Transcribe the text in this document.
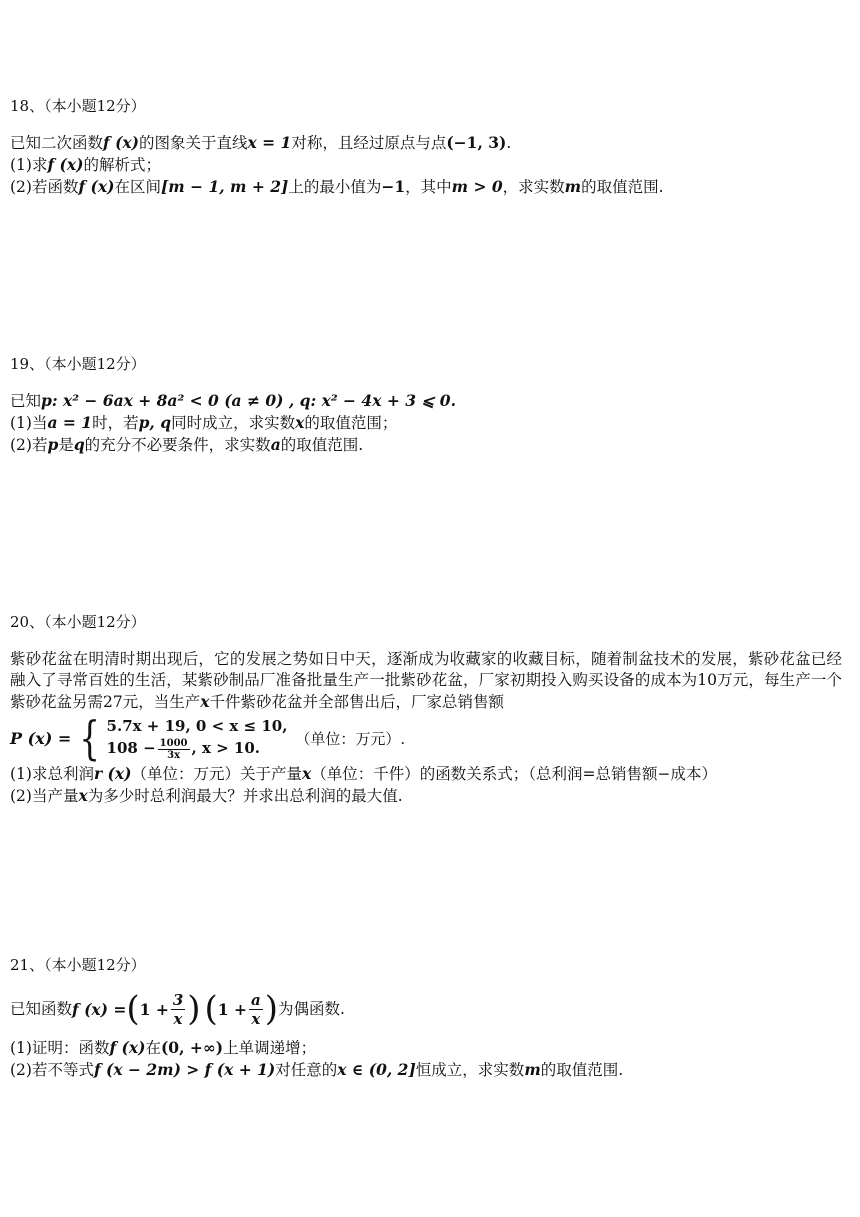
18、（本小题12分）
已知二次函数f (x)的图象关于直线x = 1对称，且经过原点与点(−1, 3).
(1)求f (x)的解析式；
(2)若函数f (x)在区间[m − 1, m + 2]上的最小值为−1，其中m > 0，求实数m的取值范围.
19、（本小题12分）
已知p: x² − 6ax + 8a² < 0 (a ≠ 0) , q: x² − 4x + 3 ⩽ 0.
(1)当a = 1时，若p, q同时成立，求实数x的取值范围；
(2)若p是q的充分不必要条件，求实数a的取值范围.
20、（本小题12分）
紫砂花盆在明清时期出现后，它的发展之势如日中天，逐渐成为收藏家的收藏目标，随着制盆技术的发展，紫砂花盆已经融入了寻常百姓的生活，某紫砂制品厂准备批量生产一批紫砂花盆，厂家初期投入购买设备的成本为10万元，每生产一个紫砂花盆另需27元，当生产x千件紫砂花盆并全部售出后，厂家总销售额
P (x) = { 5.7x + 19, 0 < x ≤ 10,
$108 - \frac{1000}{3x}$ , x > 10.
（单位：万元）.
(1)求总利润r (x)（单位：万元）关于产量x（单位：千件）的函数关系式；（总利润=总销售额−成本）
(2)当产量x为多少时总利润最大？并求出总利润的最大值.
21、（本小题12分）
已知函数 f (x) = ( $1 + \frac{3}{x}$ ) ( $1 + \frac{a}{x}$ ) 为偶函数.
(1)证明：函数f (x)在(0, +∞)上单调递增；
(2)若不等式f (x − 2m) > f (x + 1)对任意的x ∈ (0, 2]恒成立，求实数m的取值范围.
